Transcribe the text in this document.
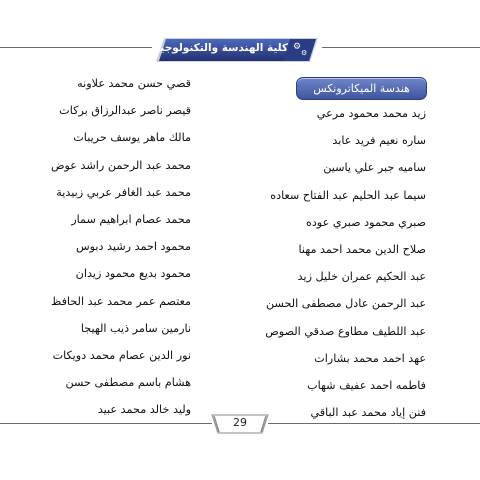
كلية الهندسة والتكنولوجيا ⚙
⚙
هندسة الميكاترونكس
زيد محمد محمود مرعي
ساره نعيم فريد عابد
ساميه جبر علي ياسين
سيما عبد الحليم عبد الفتاح سعاده
صبري محمود صبري عوده
صلاح الدين محمد احمد مهنا
عبد الحكيم عمران خليل زيد
عبد الرحمن عادل مصطفى الحسن
عبد اللطيف مطاوع صدقي الصوص
عهد احمد محمد بشارات
فاطمه احمد عفيف شهاب
فنن إياد محمد عبد الباقي
قصي حسن محمد علاونه
قيصر ناصر عبدالرزاق بركات
مالك ماهر يوسف حريبات
محمد عبد الرحمن راشد عوض
محمد عبد الغافر عربي زبيدية
محمد عصام ابراهيم سمار
محمود احمد رشيد دبوس
محمود بديع محمود زيدان
معتصم عمر محمد عبد الحافظ
نارمين سامر ذيب الهيجا
نور الدين عصام محمد دويكات
هشام باسم مصطفى حسن
وليد خالد محمد عبيد
29
